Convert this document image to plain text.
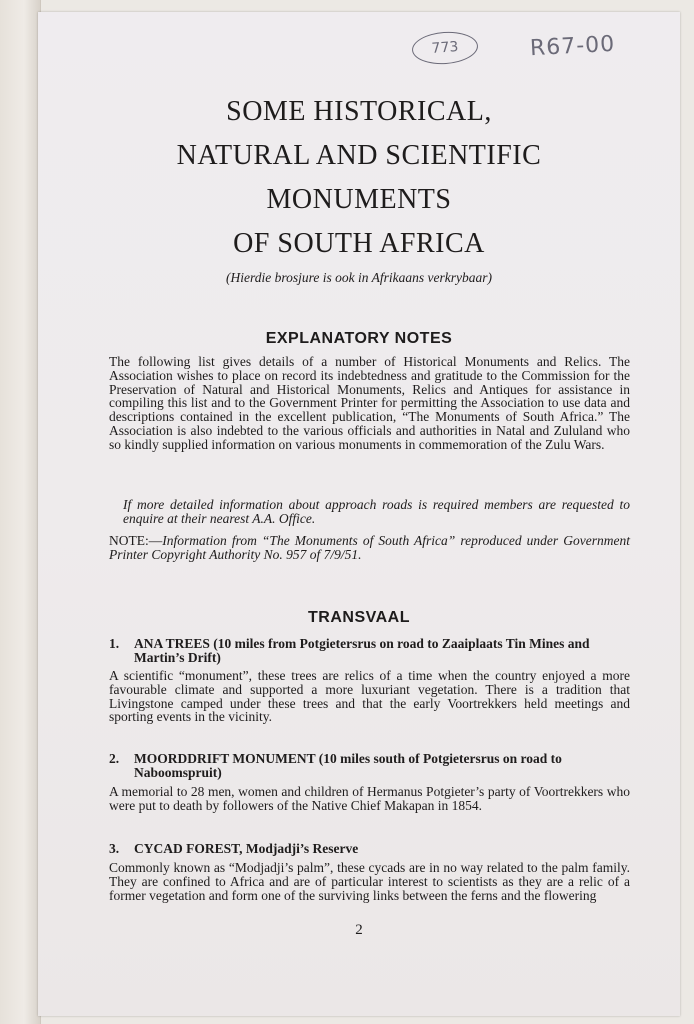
773	R67-00
SOME HISTORICAL,
NATURAL AND SCIENTIFIC
MONUMENTS
OF SOUTH AFRICA
(Hierdie brosjure is ook in Afrikaans verkrybaar)
EXPLANATORY NOTES
The following list gives details of a number of Historical Monuments and Relics. The Association wishes to place on record its indebtedness and gratitude to the Commission for the Preservation of Natural and Historical Monuments, Relics and Antiques for assistance in compiling this list and to the Government Printer for permitting the Association to use data and descriptions contained in the excellent publication, “The Monuments of South Africa.” The Association is also indebted to the various officials and authorities in Natal and Zululand who so kindly supplied information on various monuments in commemoration of the Zulu Wars.
If more detailed information about approach roads is required members are requested to enquire at their nearest A.A. Office.
NOTE:—Information from “The Monuments of South Africa” reproduced under Government Printer Copyright Authority No. 957 of 7/9/51.
TRANSVAAL
1. ANA TREES (10 miles from Potgietersrus on road to Zaaiplaats Tin Mines and Martin’s Drift)
A scientific “monument”, these trees are relics of a time when the country enjoyed a more favourable climate and supported a more luxuriant vegetation. There is a tradition that Livingstone camped under these trees and that the early Voortrekkers held meetings and sporting events in the vicinity.
2. MOORDDRIFT MONUMENT (10 miles south of Potgietersrus on road to Naboomspruit)
A memorial to 28 men, women and children of Hermanus Potgieter’s party of Voortrekkers who were put to death by followers of the Native Chief Makapan in 1854.
3. CYCAD FOREST, Modjadji’s Reserve
Commonly known as “Modjadji’s palm”, these cycads are in no way related to the palm family. They are confined to Africa and are of particular interest to scientists as they are a relic of a former vegetation and form one of the surviving links between the ferns and the flowering
2
